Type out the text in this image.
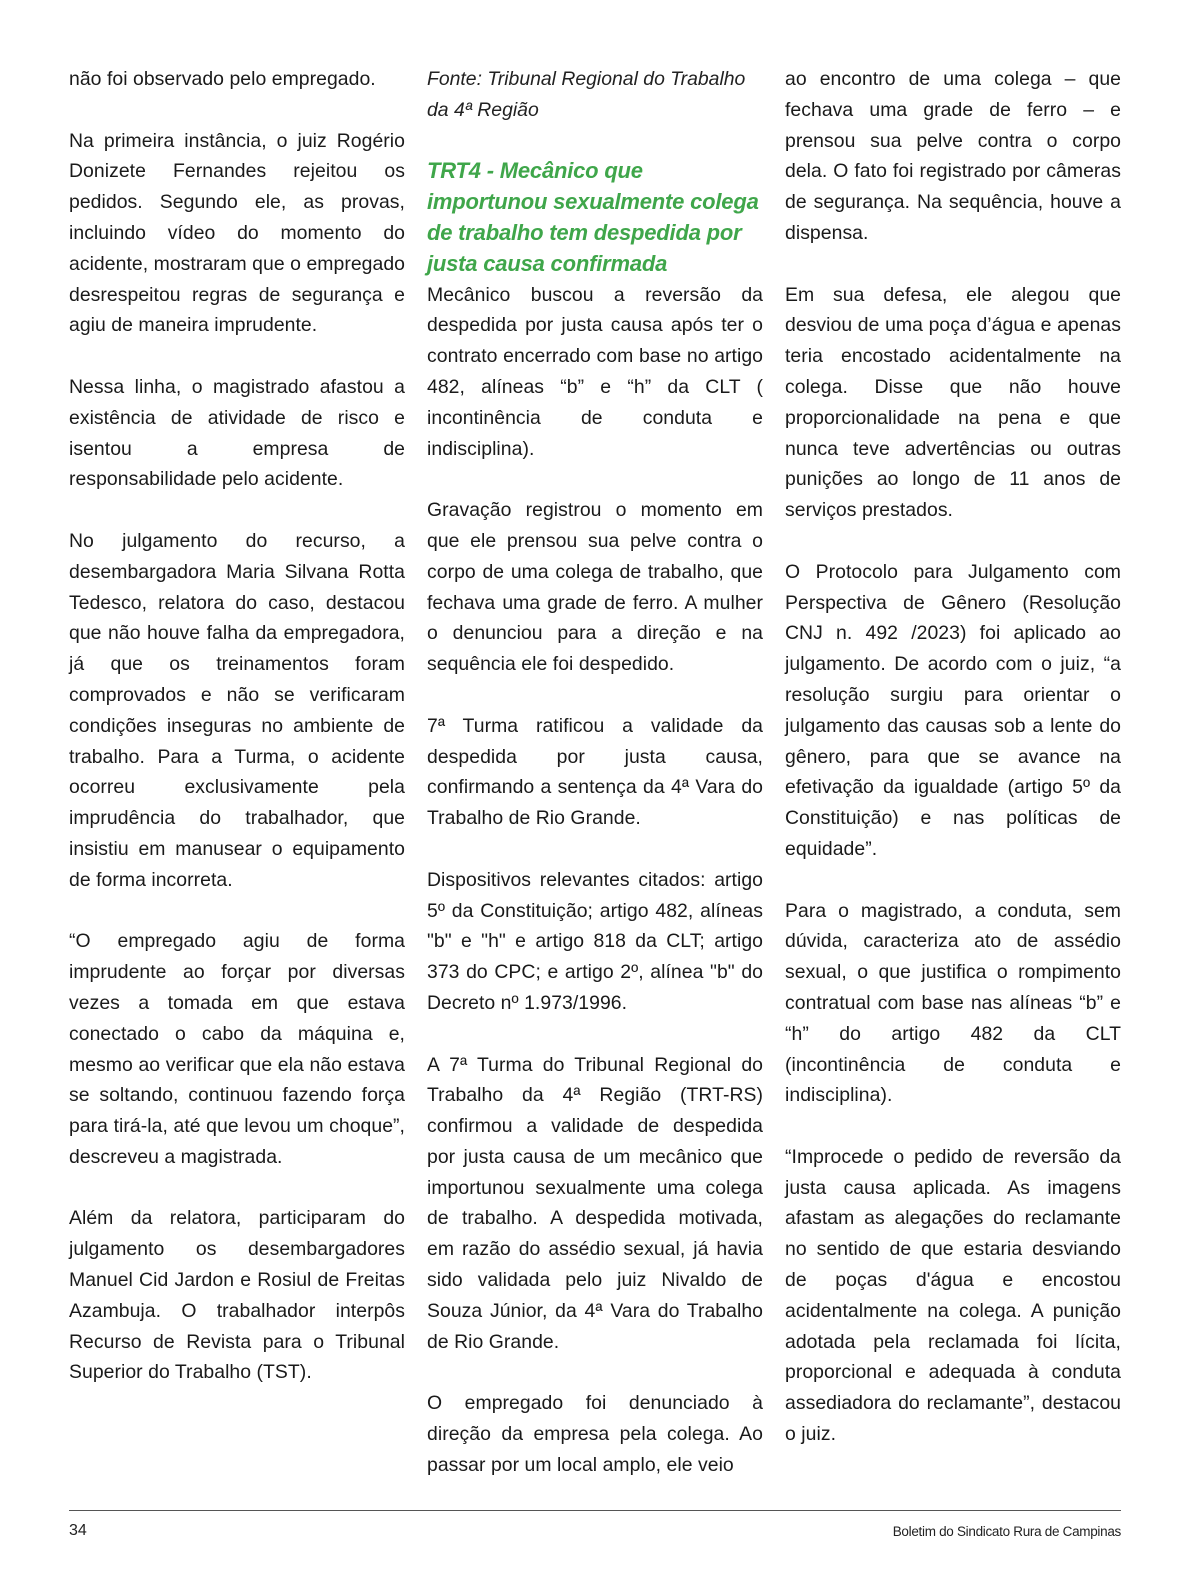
não foi observado pelo empregado.

Na primeira instância, o juiz Rogério Donizete Fernandes rejeitou os pedidos. Segundo ele, as provas, incluindo vídeo do momento do acidente, mostraram que o empregado desrespeitou regras de segurança e agiu de maneira imprudente.

Nessa linha, o magistrado afastou a existência de atividade de risco e isentou a empresa de responsabilidade pelo acidente.

No julgamento do recurso, a desembargadora Maria Silvana Rotta Tedesco, relatora do caso, destacou que não houve falha da empregadora, já que os treinamentos foram comprovados e não se verificaram condições inseguras no ambiente de trabalho. Para a Turma, o acidente ocorreu exclusivamente pela imprudência do trabalhador, que insistiu em manusear o equipamento de forma incorreta.

“O empregado agiu de forma imprudente ao forçar por diversas vezes a tomada em que estava conectado o cabo da máquina e, mesmo ao verificar que ela não estava se soltando, continuou fazendo força para tirá-la, até que levou um choque”, descreveu a magistrada.

Além da relatora, participaram do julgamento os desembargadores Manuel Cid Jardon e Rosiul de Freitas Azambuja. O trabalhador interpôs Recurso de Revista para o Tribunal Superior do Trabalho (TST).

Fonte: Tribunal Regional do Trabalho da 4ª Região

TRT4 - Mecânico que importunou sexualmente colega de trabalho tem despedida por justa causa confirmada

Mecânico buscou a reversão da despedida por justa causa após ter o contrato encerrado com base no artigo 482, alíneas “b” e “h” da CLT ( incontinência de conduta e indisciplina).

Gravação registrou o momento em que ele prensou sua pelve contra o corpo de uma colega de trabalho, que fechava uma grade de ferro. A mulher o denunciou para a direção e na sequência ele foi despedido.

7ª Turma ratificou a validade da despedida por justa causa, confirmando a sentença da 4ª Vara do Trabalho de Rio Grande.

Dispositivos relevantes citados: artigo 5º da Constituição; artigo 482, alíneas "b" e "h" e artigo 818 da CLT; artigo 373 do CPC; e artigo 2º, alínea "b" do Decreto nº 1.973/1996.

A 7ª Turma do Tribunal Regional do Trabalho da 4ª Região (TRT-RS) confirmou a validade de despedida por justa causa de um mecânico que importunou sexualmente uma colega de trabalho. A despedida motivada, em razão do assédio sexual, já havia sido validada pelo juiz Nivaldo de Souza Júnior, da 4ª Vara do Trabalho de Rio Grande.

O empregado foi denunciado à direção da empresa pela colega. Ao passar por um local amplo, ele veio

ao encontro de uma colega – que fechava uma grade de ferro – e prensou sua pelve contra o corpo dela. O fato foi registrado por câmeras de segurança. Na sequência, houve a dispensa.

Em sua defesa, ele alegou que desviou de uma poça d’água e apenas teria encostado acidentalmente na colega. Disse que não houve proporcionalidade na pena e que nunca teve advertências ou outras punições ao longo de 11 anos de serviços prestados.

O Protocolo para Julgamento com Perspectiva de Gênero (Resolução CNJ n. 492 /2023) foi aplicado ao julgamento. De acordo com o juiz, “a resolução surgiu para orientar o julgamento das causas sob a lente do gênero, para que se avance na efetivação da igualdade (artigo 5º da Constituição) e nas políticas de equidade”.

Para o magistrado, a conduta, sem dúvida, caracteriza ato de assédio sexual, o que justifica o rompimento contratual com base nas alíneas “b” e “h” do artigo 482 da CLT (incontinência de conduta e indisciplina).

“Improcede o pedido de reversão da justa causa aplicada. As imagens afastam as alegações do reclamante no sentido de que estaria desviando de poças d'água e encostou acidentalmente na colega. A punição adotada pela reclamada foi lícita, proporcional e adequada à conduta assediadora do reclamante”, destacou o juiz.

34	Boletim do Sindicato Rura de Campinas
